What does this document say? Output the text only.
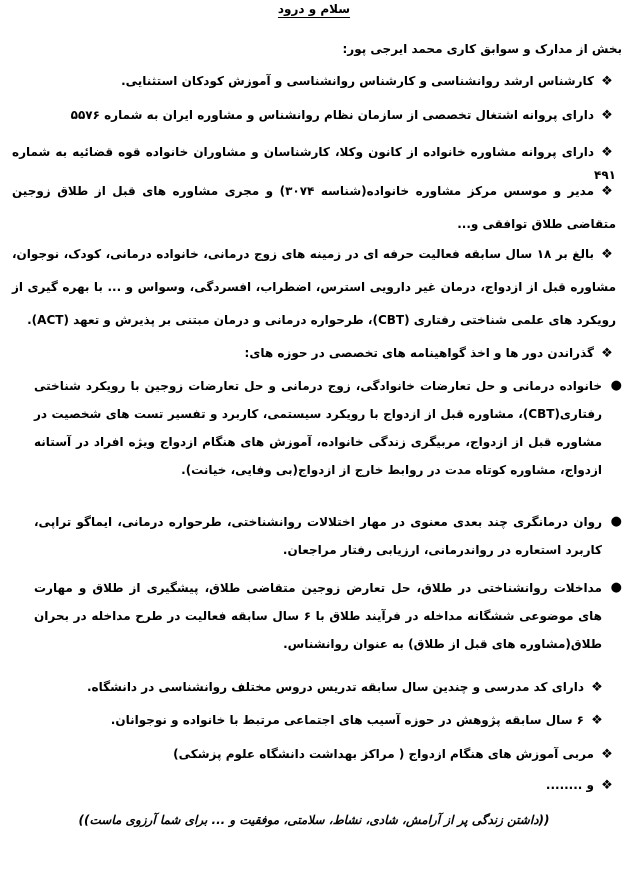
سلام و درود
بخش از مدارک و سوابق کاری محمد ایرجی پور:
❖کارشناس ارشد روانشناسی و کارشناس روانشناسی و آموزش کودکان استثنایی.
❖دارای پروانه اشتغال تخصصی از سازمان نظام روانشناس و مشاوره ایران به شماره ۵۵۷۶
❖دارای پروانه مشاوره خانواده از کانون وکلا، کارشناسان و مشاوران خانواده قوه قضائیه به شماره ۴۹۱
❖مدیر و موسس مرکز مشاوره خانواده(شناسه ۳۰۷۴) و مجری مشاوره های قبل از طلاق زوجین متقاضی طلاق توافقی و...
❖بالغ بر ۱۸ سال سابقه فعالیت حرفه ای در زمینه های زوج درمانی، خانواده درمانی، کودک، نوجوان، مشاوره قبل از ازدواج، درمان غیر دارویی استرس، اضطراب، افسردگی، وسواس و ... با بهره گیری از رویکرد های علمی شناختی رفتاری (CBT)، طرحواره درمانی و درمان مبتنی بر پذیرش و تعهد (ACT).
❖گذراندن دور ها و اخذ گواهینامه های تخصصی در حوزه های:
●
خانواده درمانی و حل تعارضات خانوادگی، زوج درمانی و حل تعارضات زوجین با رویکرد شناختی رفتاری(CBT)، مشاوره قبل از ازدواج با رویکرد سیستمی، کاربرد و تفسیر تست های شخصیت در مشاوره قبل از ازدواج، مربیگری زندگی خانواده، آموزش های هنگام ازدواج ویژه افراد در آستانه ازدواج، مشاوره کوتاه مدت در روابط خارج از ازدواج(بی وفایی، خیانت).
●
روان درمانگری چند بعدی معنوی در مهار اختلالات روانشناختی، طرحواره درمانی، ایماگو تراپی، کاربرد استعاره در رواندرمانی، ارزیابی رفتار مراجعان.
●
مداخلات روانشناختی در طلاق، حل تعارض زوجین متقاضی طلاق، پیشگیری از طلاق و مهارت های موضوعی ششگانه مداخله در فرآیند طلاق با ۶ سال سابقه فعالیت در طرح مداخله در بحران طلاق(مشاوره های قبل از طلاق) به عنوان روانشناس.
❖دارای کد مدرسی و چندین سال سابقه تدریس دروس مختلف روانشناسی در دانشگاه.
❖۶ سال سابقه پژوهش در حوزه آسیب های اجتماعی مرتبط با خانواده و نوجوانان.
❖مربی آموزش های هنگام ازدواج ( مراکز بهداشت دانشگاه علوم پزشکی)
❖و ........
((داشتن زندگی پر از آرامش، شادی، نشاط، سلامتی، موفقیت و ... برای شما آرزوی ماست))
